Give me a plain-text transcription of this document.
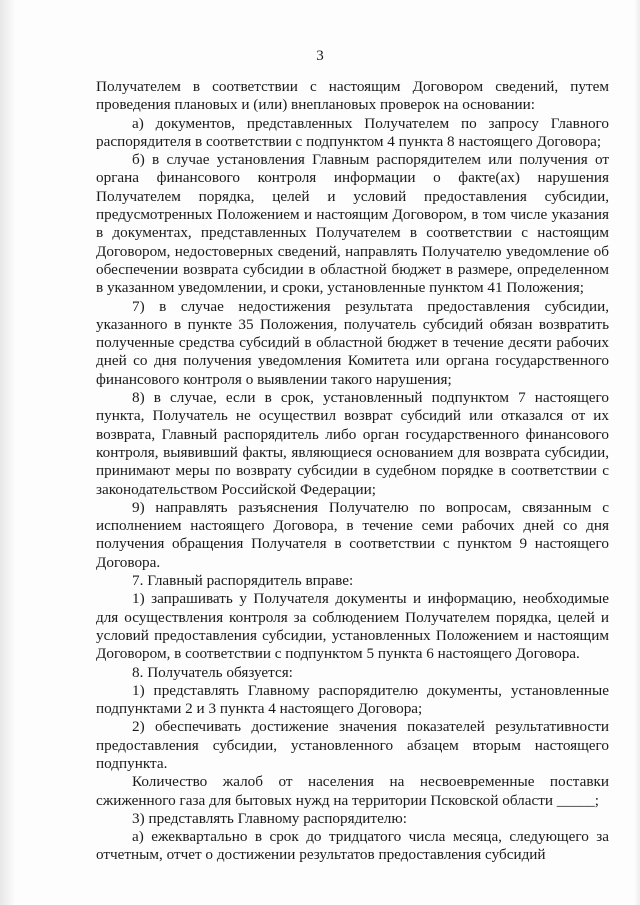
3

Получателем в соответствии с настоящим Договором сведений, путем проведения плановых и (или) внеплановых проверок на основании:

а) документов, представленных Получателем по запросу Главного распорядителя в соответствии с подпунктом 4 пункта 8 настоящего Договора;

б) в случае установления Главным распорядителем или получения от органа финансового контроля информации о факте(ах) нарушения Получателем порядка, целей и условий предоставления субсидии, предусмотренных Положением и настоящим Договором, в том числе указания в документах, представленных Получателем в соответствии с настоящим Договором, недостоверных сведений, направлять Получателю уведомление об обеспечении возврата субсидии в областной бюджет в размере, определенном в указанном уведомлении, и сроки, установленные пунктом 41 Положения;

7) в случае недостижения результата предоставления субсидии, указанного в пункте 35 Положения, получатель субсидий обязан возвратить полученные средства субсидий в областной бюджет в течение десяти рабочих дней со дня получения уведомления Комитета или органа государственного финансового контроля о выявлении такого нарушения;

8) в случае, если в срок, установленный подпунктом 7 настоящего пункта, Получатель не осуществил возврат субсидий или отказался от их возврата, Главный распорядитель либо орган государственного финансового контроля, выявивший факты, являющиеся основанием для возврата субсидии, принимают меры по возврату субсидии в судебном порядке в соответствии с законодательством Российской Федерации;

9) направлять разъяснения Получателю по вопросам, связанным с исполнением настоящего Договора, в течение семи рабочих дней со дня получения обращения Получателя в соответствии с пунктом 9 настоящего Договора.

7. Главный распорядитель вправе:

1) запрашивать у Получателя документы и информацию, необходимые для осуществления контроля за соблюдением Получателем порядка, целей и условий предоставления субсидии, установленных Положением и настоящим Договором, в соответствии с подпунктом 5 пункта 6 настоящего Договора.

8. Получатель обязуется:

1) представлять Главному распорядителю документы, установленные подпунктами 2 и 3 пункта 4 настоящего Договора;

2) обеспечивать достижение значения показателей результативности предоставления субсидии, установленного абзацем вторым настоящего подпункта.

Количество жалоб от населения на несвоевременные поставки сжиженного газа для бытовых нужд на территории Псковской области _____;

3) представлять Главному распорядителю:

а) ежеквартально в срок до тридцатого числа месяца, следующего за отчетным, отчет о достижении результатов предоставления субсидий
